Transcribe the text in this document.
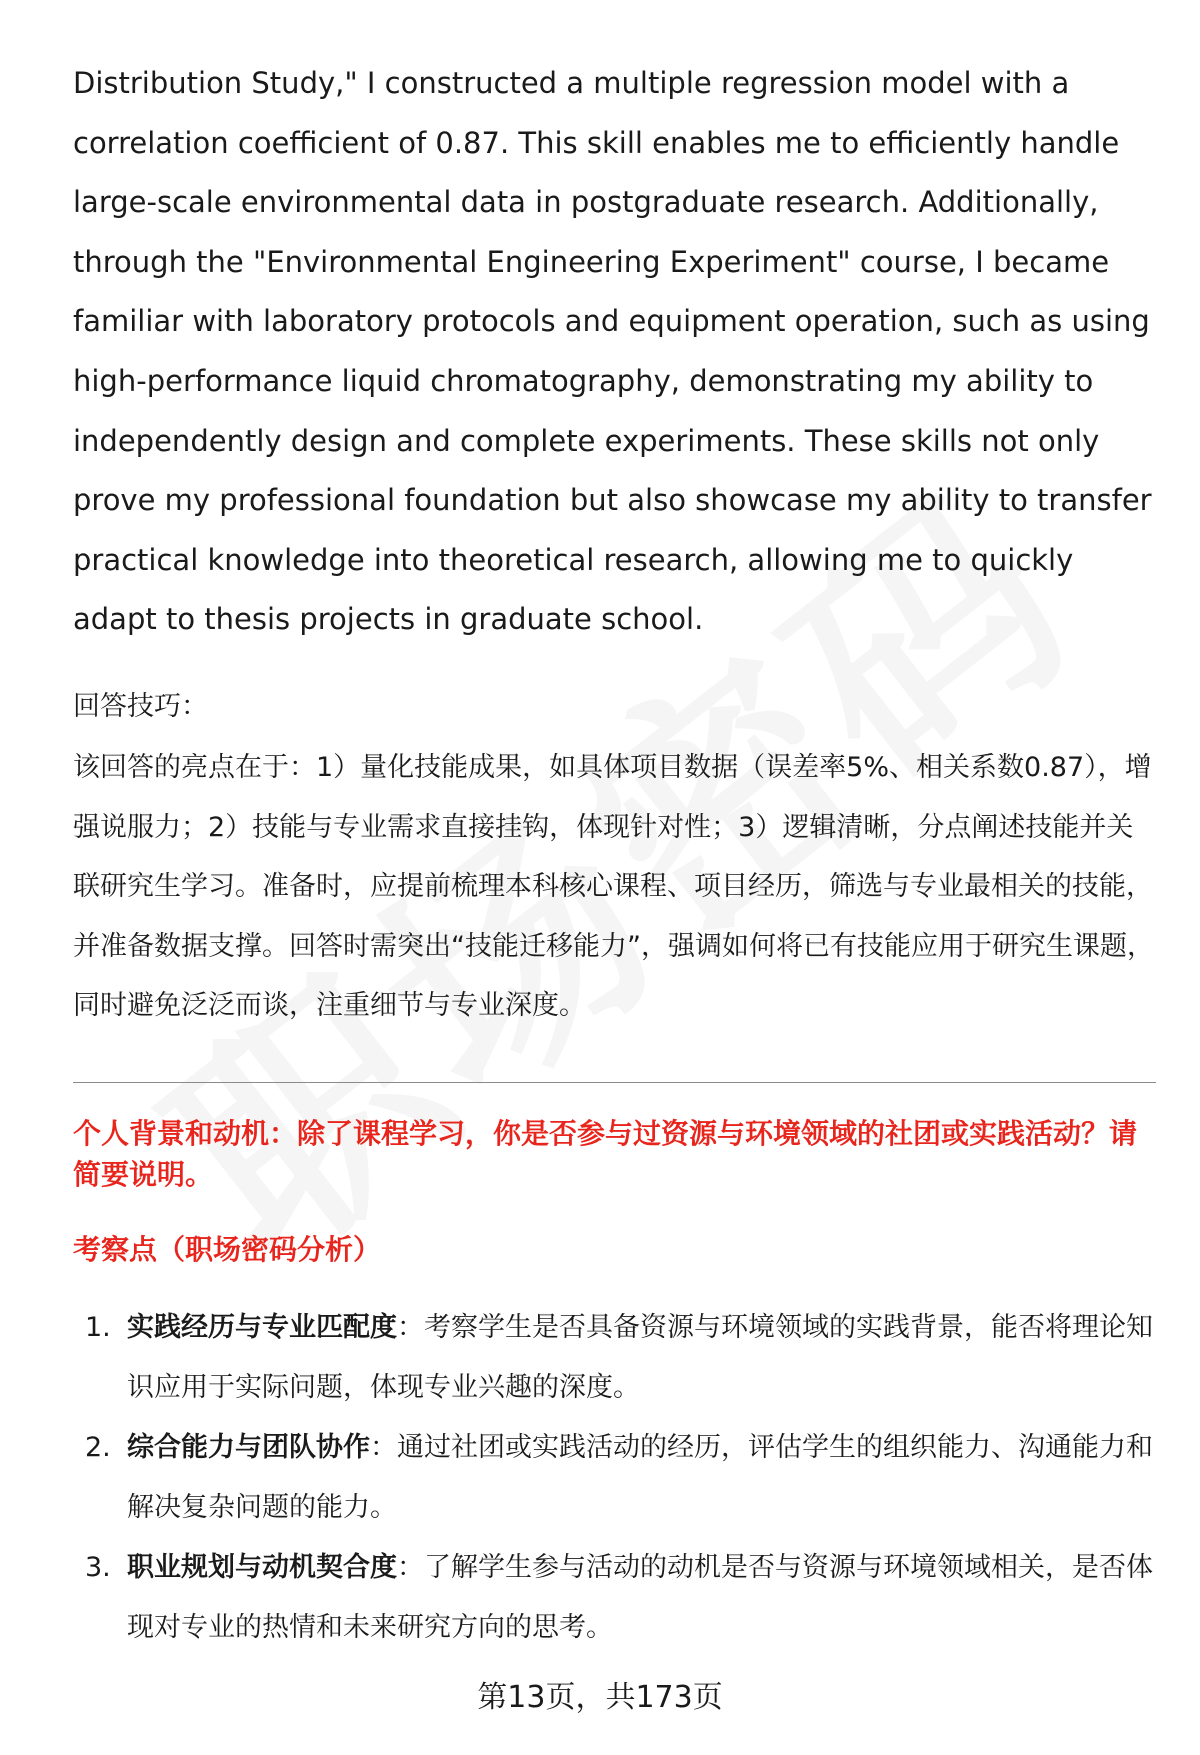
Distribution Study," I constructed a multiple regression model with a correlation coefficient of 0.87. This skill enables me to efficiently handle large-scale environmental data in postgraduate research. Additionally, through the "Environmental Engineering Experiment" course, I became familiar with laboratory protocols and equipment operation, such as using high-performance liquid chromatography, demonstrating my ability to independently design and complete experiments. These skills not only prove my professional foundation but also showcase my ability to transfer practical knowledge into theoretical research, allowing me to quickly adapt to thesis projects in graduate school.

回答技巧：

该回答的亮点在于：1）量化技能成果，如具体项目数据（误差率5%、相关系数0.87），增强说服力；2）技能与专业需求直接挂钩，体现针对性；3）逻辑清晰，分点阐述技能并关联研究生学习。准备时，应提前梳理本科核心课程、项目经历，筛选与专业最相关的技能，并准备数据支撑。回答时需突出“技能迁移能力”，强调如何将已有技能应用于研究生课题，同时避免泛泛而谈，注重细节与专业深度。

个人背景和动机：除了课程学习，你是否参与过资源与环境领域的社团或实践活动？请简要说明。

考察点（职场密码分析）

1. 实践经历与专业匹配度：考察学生是否具备资源与环境领域的实践背景，能否将理论知识应用于实际问题，体现专业兴趣的深度。
2. 综合能力与团队协作：通过社团或实践活动的经历，评估学生的组织能力、沟通能力和解决复杂问题的能力。
3. 职业规划与动机契合度：了解学生参与活动的动机是否与资源与环境领域相关，是否体现对专业的热情和未来研究方向的思考。
第13页，共173页
